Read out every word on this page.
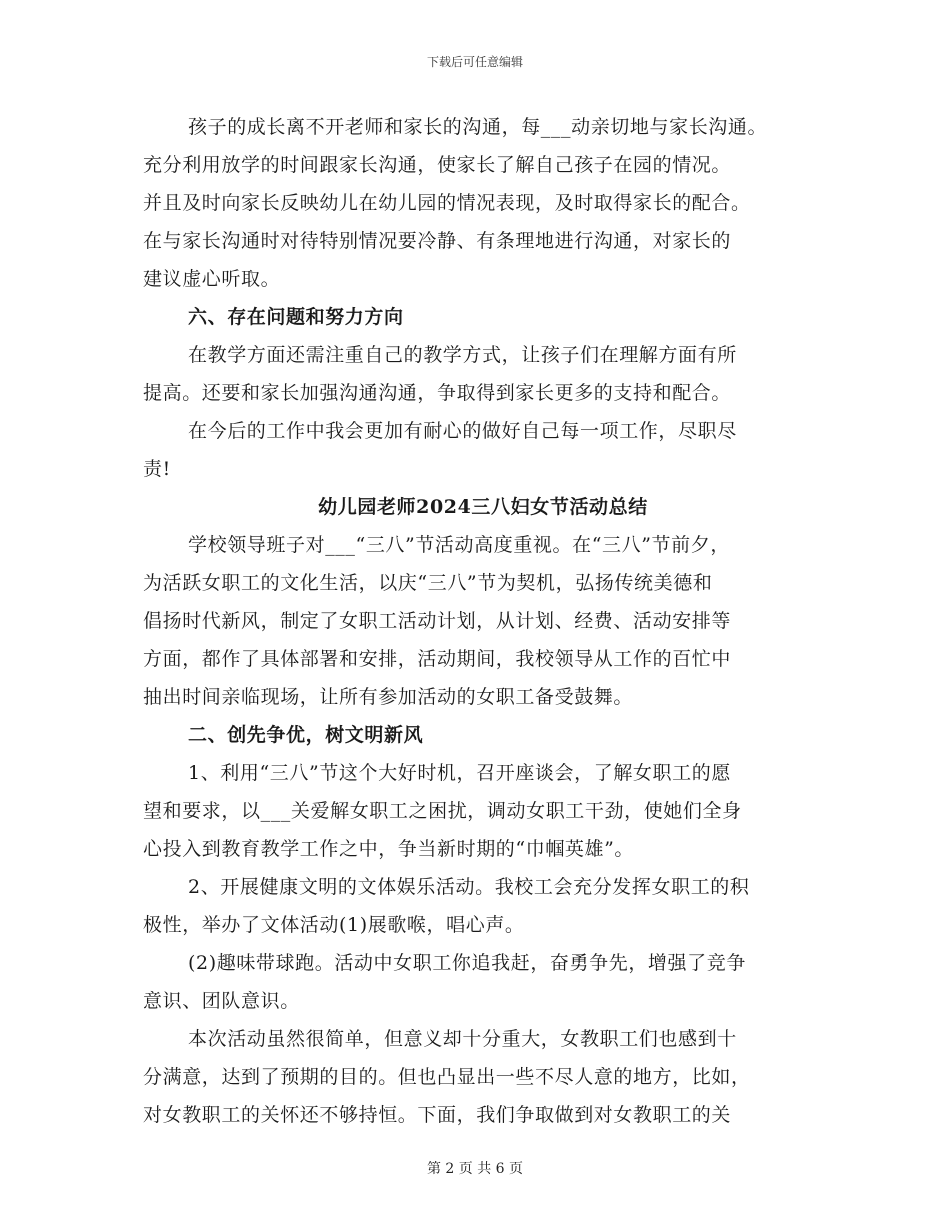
下载后可任意编辑
孩子的成长离不开老师和家长的沟通，每___动亲切地与家长沟通。
充分利用放学的时间跟家长沟通，使家长了解自己孩子在园的情况。
并且及时向家长反映幼儿在幼儿园的情况表现，及时取得家长的配合。
在与家长沟通时对待特别情况要冷静、有条理地进行沟通，对家长的
建议虚心听取。
六、存在问题和努力方向
在教学方面还需注重自己的教学方式，让孩子们在理解方面有所
提高。还要和家长加强沟通沟通，争取得到家长更多的支持和配合。
在今后的工作中我会更加有耐心的做好自己每一项工作，尽职尽
责!
幼儿园老师2024三八妇女节活动总结
学校领导班子对___“三八”节活动高度重视。在“三八”节前夕，
为活跃女职工的文化生活，以庆“三八”节为契机，弘扬传统美德和
倡扬时代新风，制定了女职工活动计划，从计划、经费、活动安排等
方面，都作了具体部署和安排，活动期间，我校领导从工作的百忙中
抽出时间亲临现场，让所有参加活动的女职工备受鼓舞。
二、创先争优，树文明新风
1、利用“三八”节这个大好时机，召开座谈会，了解女职工的愿
望和要求，以___关爱解女职工之困扰，调动女职工干劲，使她们全身
心投入到教育教学工作之中，争当新时期的“巾帼英雄”。
2、开展健康文明的文体娱乐活动。我校工会充分发挥女职工的积
极性，举办了文体活动(1)展歌喉，唱心声。
(2)趣味带球跑。活动中女职工你追我赶，奋勇争先，增强了竞争
意识、团队意识。
本次活动虽然很简单，但意义却十分重大，女教职工们也感到十
分满意，达到了预期的目的。但也凸显出一些不尽人意的地方，比如，
对女教职工的关怀还不够持恒。下面，我们争取做到对女教职工的关
第 2 页 共 6 页
